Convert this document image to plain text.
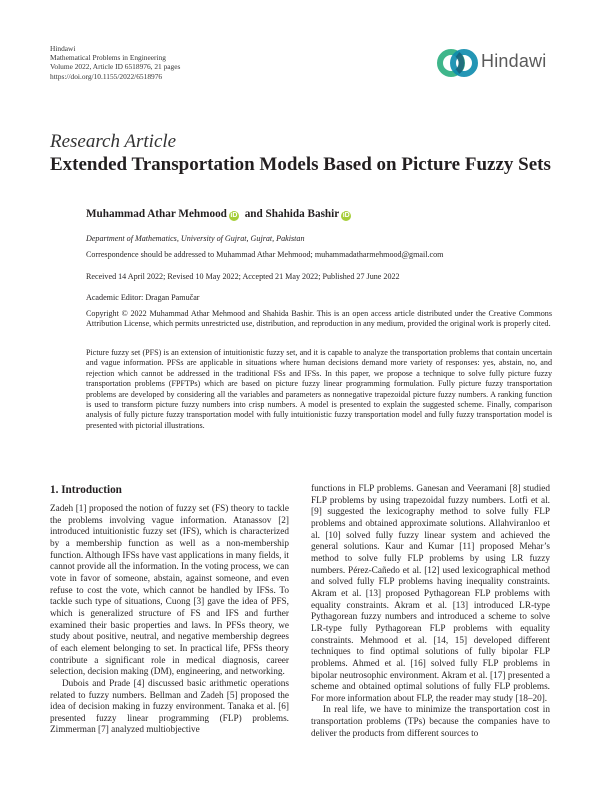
Hindawi
Mathematical Problems in Engineering
Volume 2022, Article ID 6518976, 21 pages
https://doi.org/10.1155/2022/6518976
Hindawi
Research Article
Extended Transportation Models Based on Picture Fuzzy Sets
Muhammad Athar Mehmood iD and Shahida Bashir iD
Department of Mathematics, University of Gujrat, Gujrat, Pakistan
Correspondence should be addressed to Muhammad Athar Mehmood; muhammadatharmehmood@gmail.com
Received 14 April 2022; Revised 10 May 2022; Accepted 21 May 2022; Published 27 June 2022
Academic Editor: Dragan Pamučar
Copyright © 2022 Muhammad Athar Mehmood and Shahida Bashir. This is an open access article distributed under the Creative Commons Attribution License, which permits unrestricted use, distribution, and reproduction in any medium, provided the original work is properly cited.
Picture fuzzy set (PFS) is an extension of intuitionistic fuzzy set, and it is capable to analyze the transportation problems that contain uncertain and vague information. PFSs are applicable in situations where human decisions demand more variety of responses: yes, abstain, no, and rejection which cannot be addressed in the traditional FSs and IFSs. In this paper, we propose a technique to solve fully picture fuzzy transportation problems (FPFTPs) which are based on picture fuzzy linear programming formulation. Fully picture fuzzy transportation problems are developed by considering all the variables and parameters as nonnegative trapezoidal picture fuzzy numbers. A ranking function is used to transform picture fuzzy numbers into crisp numbers. A model is presented to explain the suggested scheme. Finally, comparison analysis of fully picture fuzzy transportation model with fully intuitionistic fuzzy transportation model and fully fuzzy transportation model is presented with pictorial illustrations.
1. Introduction

Zadeh [1] proposed the notion of fuzzy set (FS) theory to tackle the problems involving vague information. Atanassov [2] introduced intuitionistic fuzzy set (IFS), which is characterized by a membership function as well as a non-membership function. Although IFSs have vast applications in many fields, it cannot provide all the information. In the voting process, we can vote in favor of someone, abstain, against someone, and even refuse to cost the vote, which cannot be handled by IFSs. To tackle such type of situations, Cuong [3] gave the idea of PFS, which is generalized structure of FS and IFS and further examined their basic properties and laws. In PFSs theory, we study about positive, neutral, and negative membership degrees of each element belonging to set. In practical life, PFSs theory contribute a significant role in medical diagnosis, career selection, decision making (DM), engineering, and networking.

Dubois and Prade [4] discussed basic arithmetic operations related to fuzzy numbers. Bellman and Zadeh [5] proposed the idea of decision making in fuzzy environment. Tanaka et al. [6] presented fuzzy linear programming (FLP) problems. Zimmerman [7] analyzed multiobjective

functions in FLP problems. Ganesan and Veeramani [8] studied FLP problems by using trapezoidal fuzzy numbers. Lotfi et al. [9] suggested the lexicography method to solve fully FLP problems and obtained approximate solutions. Allahviranloo et al. [10] solved fully fuzzy linear system and achieved the general solutions. Kaur and Kumar [11] proposed Mehar’s method to solve fully FLP problems by using LR fuzzy numbers. Pérez-Cañedo et al. [12] used lexicographical method and solved fully FLP problems having inequality constraints. Akram et al. [13] proposed Pythagorean FLP problems with equality constraints. Akram et al. [13] introduced LR-type Pythagorean fuzzy numbers and introduced a scheme to solve LR-type fully Pythagorean FLP problems with equality constraints. Mehmood et al. [14, 15] developed different techniques to find optimal solutions of fully bipolar FLP problems. Ahmed et al. [16] solved fully FLP problems in bipolar neutrosophic environment. Akram et al. [17] presented a scheme and obtained optimal solutions of fully FLP problems. For more information about FLP, the reader may study [18–20].

In real life, we have to minimize the transportation cost in transportation problems (TPs) because the companies have to deliver the products from different sources to
